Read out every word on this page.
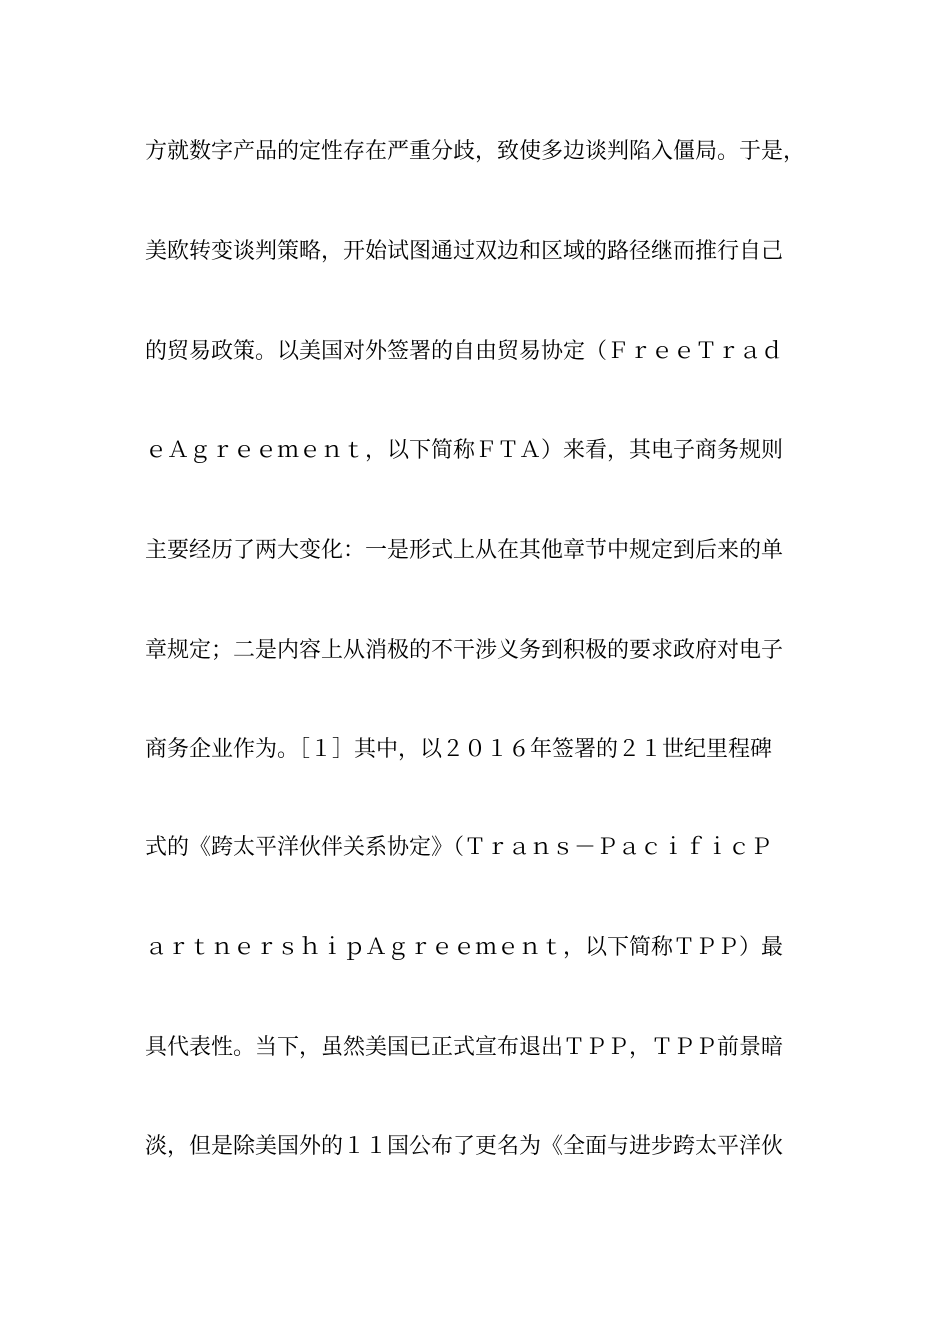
方就数字产品的定性存在严重分歧，致使多边谈判陷入僵局。于是，
美欧转变谈判策略，开始试图通过双边和区域的路径继而推行自己
的贸易政策。以美国对外签署的自由贸易协定（ＦｒｅｅＴｒａｄ
ｅＡｇｒｅｅｍｅｎｔ，以下简称ＦＴＡ）来看，其电子商务规则
主要经历了两大变化：一是形式上从在其他章节中规定到后来的单
章规定；二是内容上从消极的不干涉义务到积极的要求政府对电子
商务企业作为。［１］其中，以２０１６年签署的２１世纪里程碑
式的《跨太平洋伙伴关系协定》（Ｔｒａｎｓ－ＰａｃｉｆｉｃＰ
ａｒｔｎｅｒｓｈｉｐＡｇｒｅｅｍｅｎｔ，以下简称ＴＰＰ）最
具代表性。当下，虽然美国已正式宣布退出ＴＰＰ，ＴＰＰ前景暗
淡，但是除美国外的１１国公布了更名为《全面与进步跨太平洋伙
